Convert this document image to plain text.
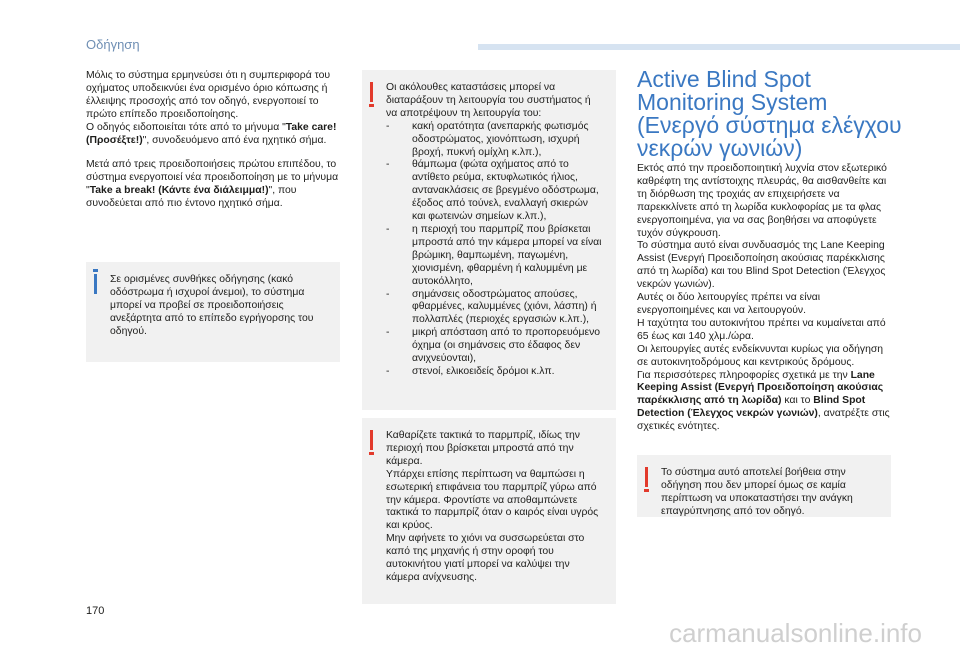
Οδήγηση

Μόλις το σύστημα ερμηνεύσει ότι η συμπεριφορά του οχήματος υποδεικνύει ένα ορισμένο όριο κόπωσης ή έλλειψης προσοχής από τον οδηγό, ενεργοποιεί το πρώτο επίπεδο προειδοποίησης.

Ο οδηγός ειδοποιείται τότε από το μήνυμα "Take care! (Προσέξτε!)", συνοδευόμενο από ένα ηχητικό σήμα.

Μετά από τρεις προειδοποιήσεις πρώτου επιπέδου, το σύστημα ενεργοποιεί νέα προειδοποίηση με το μήνυμα "Take a break! (Κάντε ένα διάλειμμα!)", που συνοδεύεται από πιο έντονο ηχητικό σήμα.

Σε ορισμένες συνθήκες οδήγησης (κακό οδόστρωμα ή ισχυροί άνεμοι), το σύστημα μπορεί να προβεί σε προειδοποιήσεις ανεξάρτητα από το επίπεδο εγρήγορσης του οδηγού.

Οι ακόλουθες καταστάσεις μπορεί να διαταράξουν τη λειτουργία του συστήματος ή να αποτρέψουν τη λειτουργία του:

- κακή ορατότητα (ανεπαρκής φωτισμός οδοστρώματος, χιονόπτωση, ισχυρή βροχή, πυκνή ομίχλη κ.λπ.),
- θάμπωμα (φώτα οχήματος από το αντίθετο ρεύμα, εκτυφλωτικός ήλιος, αντανακλάσεις σε βρεγμένο οδόστρωμα, έξοδος από τούνελ, εναλλαγή σκιερών και φωτεινών σημείων κ.λπ.),
- η περιοχή του παρμπρίζ που βρίσκεται μπροστά από την κάμερα μπορεί να είναι βρώμικη, θαμπωμένη, παγωμένη, χιονισμένη, φθαρμένη ή καλυμμένη με αυτοκόλλητο,
- σημάνσεις οδοστρώματος απούσες, φθαρμένες, καλυμμένες (χιόνι, λάσπη) ή πολλαπλές (περιοχές εργασιών κ.λπ.),
- μικρή απόσταση από το προπορευόμενο όχημα (οι σημάνσεις στο έδαφος δεν ανιχνεύονται),
- στενοί, ελικοειδείς δρόμοι κ.λπ.

Καθαρίζετε τακτικά το παρμπρίζ, ιδίως την περιοχή που βρίσκεται μπροστά από την κάμερα.

Υπάρχει επίσης περίπτωση να θαμπώσει η εσωτερική επιφάνεια του παρμπρίζ γύρω από την κάμερα. Φροντίστε να αποθαμπώνετε τακτικά το παρμπρίζ όταν ο καιρός είναι υγρός και κρύος.

Μην αφήνετε το χιόνι να συσσωρεύεται στο καπό της μηχανής ή στην οροφή του αυτοκινήτου γιατί μπορεί να καλύψει την κάμερα ανίχνευσης.

Active Blind Spot
Monitoring System
(Ενεργό σύστημα ελέγχου
νεκρών γωνιών)

Εκτός από την προειδοποιητική λυχνία στον εξωτερικό καθρέφτη της αντίστοιχης πλευράς, θα αισθανθείτε και τη διόρθωση της τροχιάς αν επιχειρήσετε να παρεκκλίνετε από τη λωρίδα κυκλοφορίας με τα φλας ενεργοποιημένα, για να σας βοηθήσει να αποφύγετε τυχόν σύγκρουση.

Το σύστημα αυτό είναι συνδυασμός της Lane Keeping Assist (Ενεργή Προειδοποίηση ακούσιας παρέκκλισης από τη λωρίδα) και του Blind Spot Detection (Έλεγχος νεκρών γωνιών).

Αυτές οι δύο λειτουργίες πρέπει να είναι ενεργοποιημένες και να λειτουργούν.

Η ταχύτητα του αυτοκινήτου πρέπει να κυμαίνεται από 65 έως και 140 χλμ./ώρα.

Οι λειτουργίες αυτές ενδείκνυνται κυρίως για οδήγηση σε αυτοκινητοδρόμους και κεντρικούς δρόμους.

Για περισσότερες πληροφορίες σχετικά με την Lane Keeping Assist (Ενεργή Προειδοποίηση ακούσιας παρέκκλισης από τη λωρίδα) και το Blind Spot Detection (Έλεγχος νεκρών γωνιών), ανατρέξτε στις σχετικές ενότητες.

Το σύστημα αυτό αποτελεί βοήθεια στην οδήγηση που δεν μπορεί όμως σε καμία περίπτωση να υποκαταστήσει την ανάγκη επαγρύπνησης από τον οδηγό.

170
carmanualsonline.info
